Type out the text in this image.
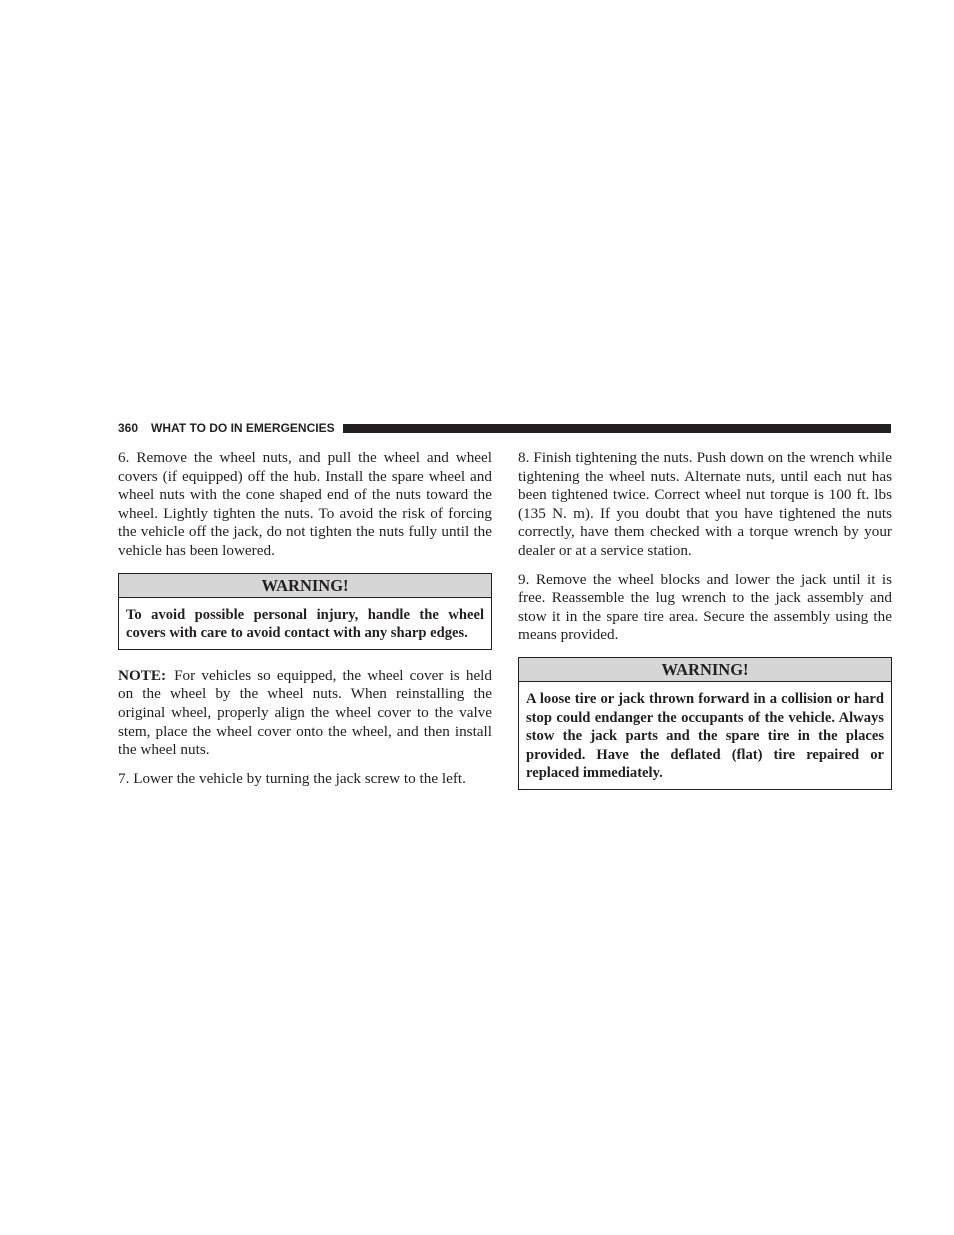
360 WHAT TO DO IN EMERGENCIES

6. Remove the wheel nuts, and pull the wheel and wheel covers (if equipped) off the hub. Install the spare wheel and wheel nuts with the cone shaped end of the nuts toward the wheel. Lightly tighten the nuts. To avoid the risk of forcing the vehicle off the jack, do not tighten the nuts fully until the vehicle has been lowered.

WARNING!
To avoid possible personal injury, handle the wheel covers with care to avoid contact with any sharp edges.

NOTE: For vehicles so equipped, the wheel cover is held on the wheel by the wheel nuts. When reinstalling the original wheel, properly align the wheel cover to the valve stem, place the wheel cover onto the wheel, and then install the wheel nuts.

7. Lower the vehicle by turning the jack screw to the left.

8. Finish tightening the nuts. Push down on the wrench while tightening the wheel nuts. Alternate nuts, until each nut has been tightened twice. Correct wheel nut torque is 100 ft. lbs (135 N. m). If you doubt that you have tightened the nuts correctly, have them checked with a torque wrench by your dealer or at a service station.

9. Remove the wheel blocks and lower the jack until it is free. Reassemble the lug wrench to the jack assembly and stow it in the spare tire area. Secure the assembly using the means provided.

WARNING!
A loose tire or jack thrown forward in a collision or hard stop could endanger the occupants of the vehicle. Always stow the jack parts and the spare tire in the places provided. Have the deflated (flat) tire repaired or replaced immediately.
